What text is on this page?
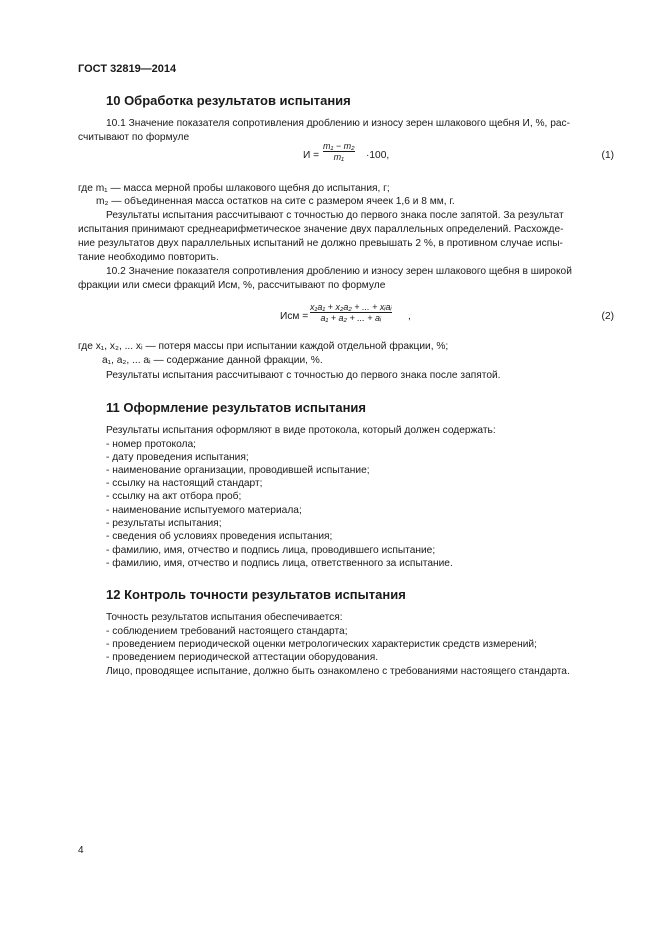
ГОСТ 32819—2014
10 Обработка результатов испытания
10.1 Значение показателя сопротивления дроблению и износу зерен шлакового щебня И, %, рас-
считывают по формуле
И =
m₁ − m₂
m₁ ·100,	(1)
где m₁ — масса мерной пробы шлакового щебня до испытания, г;
m₂ — объединенная масса остатков на сите с размером ячеек 1,6 и 8 мм, г.
Результаты испытания рассчитывают с точностью до первого знака после запятой. За результат
испытания принимают среднеарифметическое значение двух параллельных определений. Расхожде-
ние результатов двух параллельных испытаний не должно превышать 2 %, в противном случае испы-
тание необходимо повторить.
10.2 Значение показателя сопротивления дроблению и износу зерен шлакового щебня в широкой
фракции или смеси фракций Иcм, %, рассчитывают по формуле
Иcм =
x₁a₁ + x₂a₂ + ... + xᵢaᵢ
a₁ + a₂ + ... + aᵢ	,	(2)
где x₁, x₂, ... xᵢ — потеря массы при испытании каждой отдельной фракции, %;
a₁, a₂, ... aᵢ — содержание данной фракции, %.
Результаты испытания рассчитывают с точностью до первого знака после запятой.
11 Оформление результатов испытания
Результаты испытания оформляют в виде протокола, который должен содержать:
- номер протокола;
- дату проведения испытания;
- наименование организации, проводившей испытание;
- ссылку на настоящий стандарт;
- ссылку на акт отбора проб;
- наименование испытуемого материала;
- результаты испытания;
- сведения об условиях проведения испытания;
- фамилию, имя, отчество и подпись лица, проводившего испытание;
- фамилию, имя, отчество и подпись лица, ответственного за испытание.
12 Контроль точности результатов испытания
Точность результатов испытания обеспечивается:
- соблюдением требований настоящего стандарта;
- проведением периодической оценки метрологических характеристик средств измерений;
- проведением периодической аттестации оборудования.
Лицо, проводящее испытание, должно быть ознакомлено с требованиями настоящего стандарта.
4
